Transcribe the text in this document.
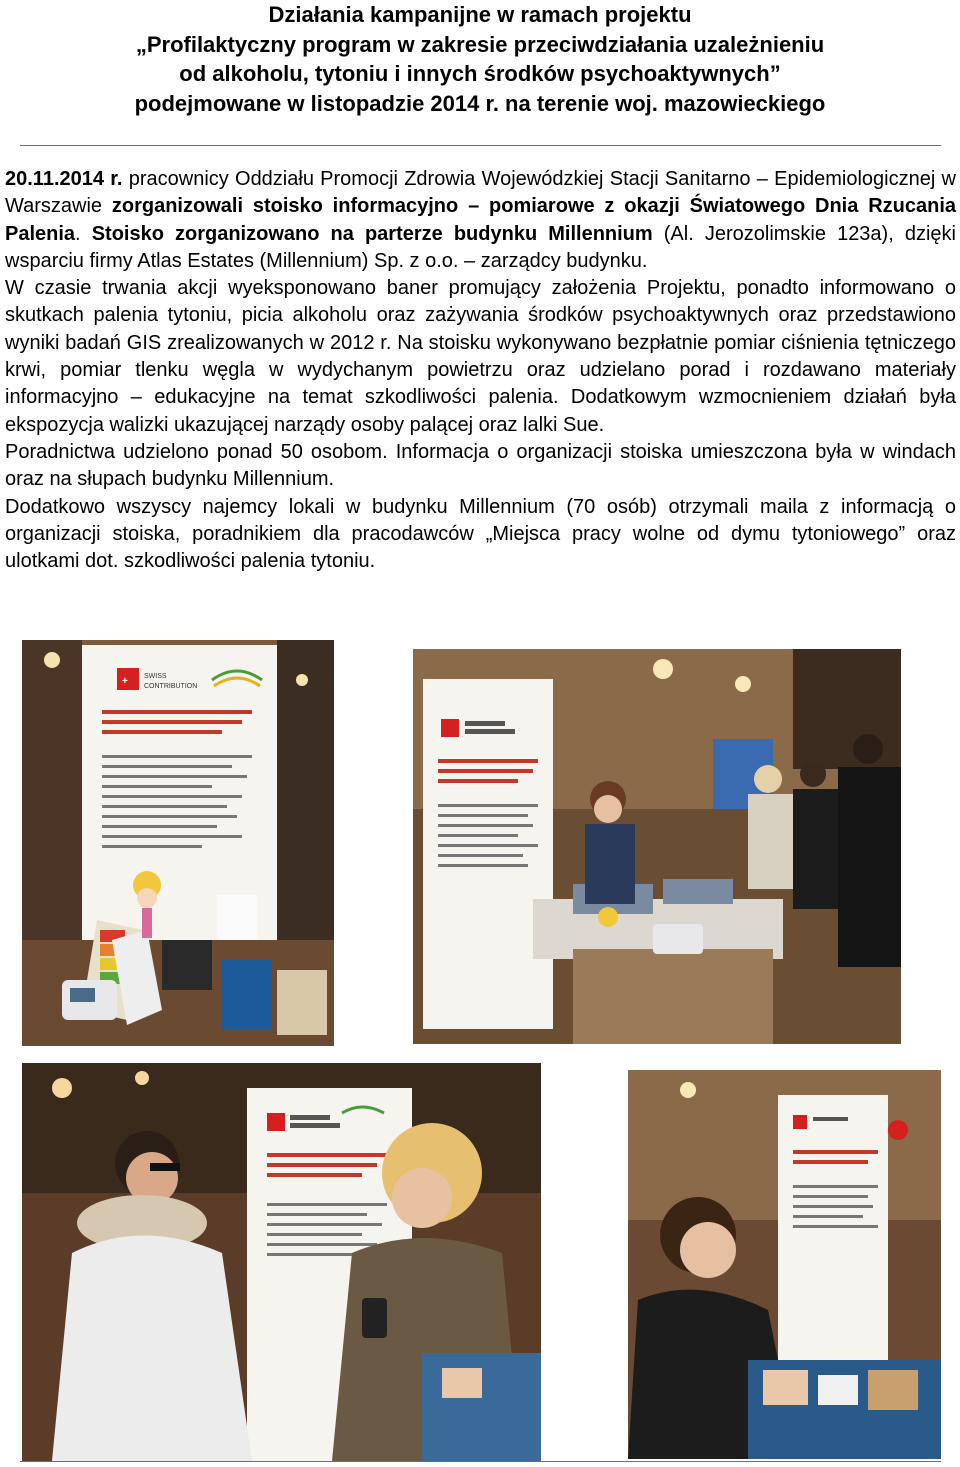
Działania kampanijne w ramach projektu
„Profilaktyczny program w zakresie przeciwdziałania uzależnieniu
od alkoholu, tytoniu i innych środków psychoaktywnych”
podejmowane w listopadzie 2014 r. na terenie woj. mazowieckiego

20.11.2014 r. pracownicy Oddziału Promocji Zdrowia Wojewódzkiej Stacji Sanitarno – Epidemiologicznej w Warszawie zorganizowali stoisko informacyjno – pomiarowe z okazji Światowego Dnia Rzucania Palenia. Stoisko zorganizowano na parterze budynku Millennium (Al. Jerozolimskie 123a), dzięki wsparciu firmy Atlas Estates (Millennium) Sp. z o.o. – zarządcy budynku.

W czasie trwania akcji wyeksponowano baner promujący założenia Projektu, ponadto informowano o skutkach palenia tytoniu, picia alkoholu oraz zażywania środków psychoaktywnych oraz przedstawiono wyniki badań GIS zrealizowanych w 2012 r. Na stoisku wykonywano bezpłatnie pomiar ciśnienia tętniczego krwi, pomiar tlenku węgla w wydychanym powietrzu oraz udzielano porad i rozdawano materiały informacyjno – edukacyjne na temat szkodliwości palenia. Dodatkowym wzmocnieniem działań była ekspozycja walizki ukazującej narządy osoby palącej oraz lalki Sue.

Poradnictwa udzielono ponad 50 osobom. Informacja o organizacji stoiska umieszczona była w windach oraz na słupach budynku Millennium.

Dodatkowo wszyscy najemcy lokali w budynku Millennium (70 osób) otrzymali maila z informacją o organizacji stoiska, poradnikiem dla pracodawców „Miejsca pracy wolne od dymu tytoniowego” oraz ulotkami dot. szkodliwości palenia tytoniu.

+ SWISS
CONTRIBUTION
